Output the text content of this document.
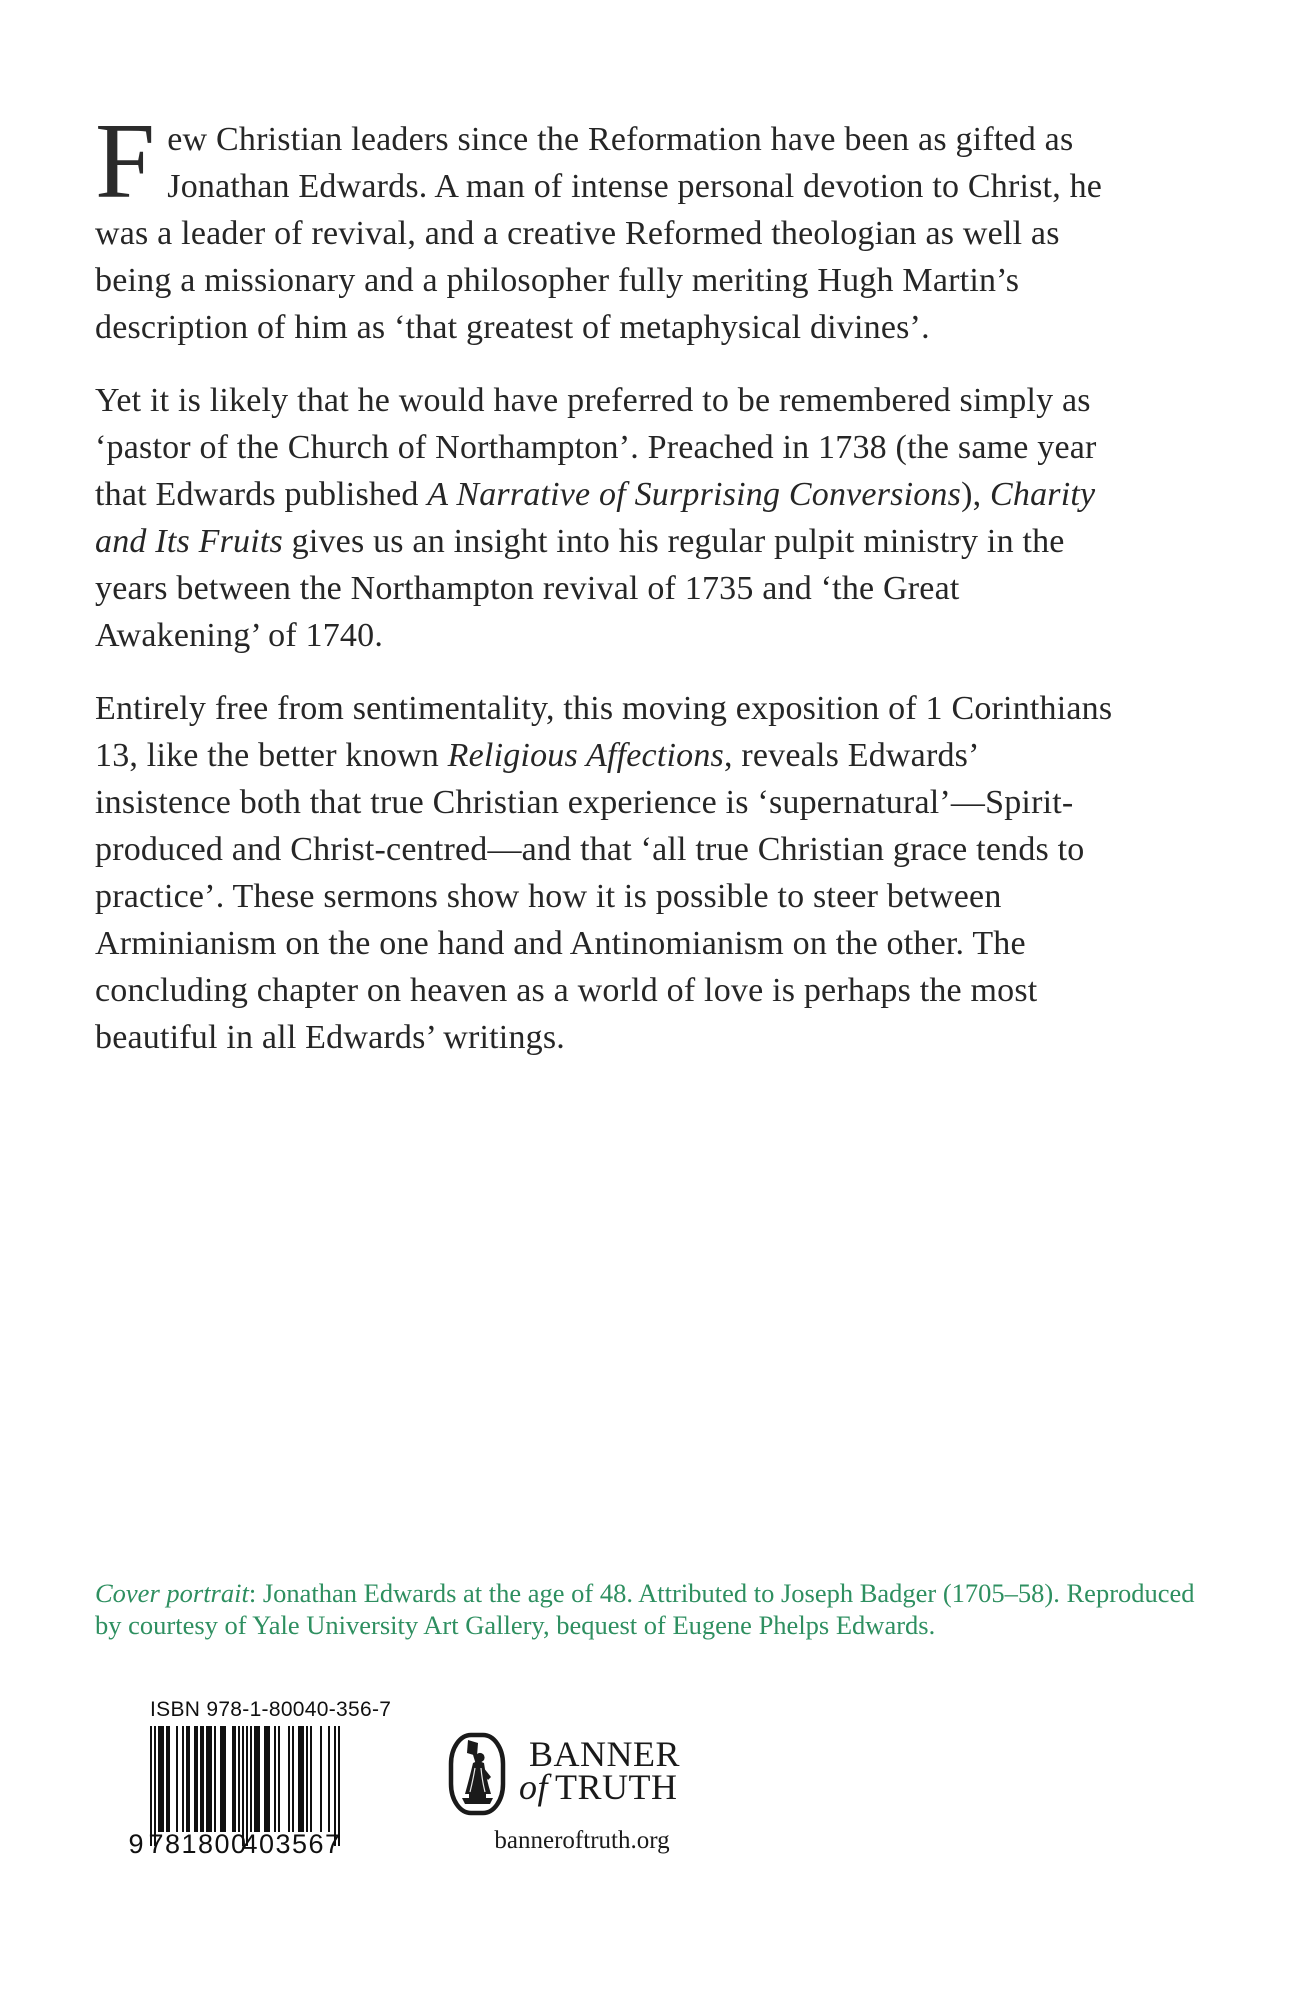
F ew Christian leaders since the Reformation have been as gifted as Jonathan Edwards. A man of intense personal devotion to Christ, he was a leader of revival, and a creative Reformed theologian as well as being a missionary and a philosopher fully meriting Hugh Martin’s description of him as ‘that greatest of metaphysical divines’.

Yet it is likely that he would have preferred to be remembered simply as ‘pastor of the Church of Northampton’. Preached in 1738 (the same year that Edwards published A Narrative of Surprising Conversions), Charity and Its Fruits gives us an insight into his regular pulpit ministry in the years between the Northampton revival of 1735 and ‘the Great Awakening’ of 1740.

Entirely free from sentimentality, this moving exposition of 1 Corinthians 13, like the better known Religious Affections, reveals Edwards’ insistence both that true Christian experience is ‘supernatural’—Spirit-produced and Christ-centred—and that ‘all true Christian grace tends to practice’. These sermons show how it is possible to steer between Arminianism on the one hand and Antinomianism on the other. The concluding chapter on heaven as a world of love is perhaps the most beautiful in all Edwards’ writings.

Cover portrait: Jonathan Edwards at the age of 48. Attributed to Joseph Badger (1705–58). Reproduced by courtesy of Yale University Art Gallery, bequest of Eugene Phelps Edwards.

ISBN 978-1-80040-356-7
9 781800
403567
BANNER
of TRUTH
banneroftruth.org
